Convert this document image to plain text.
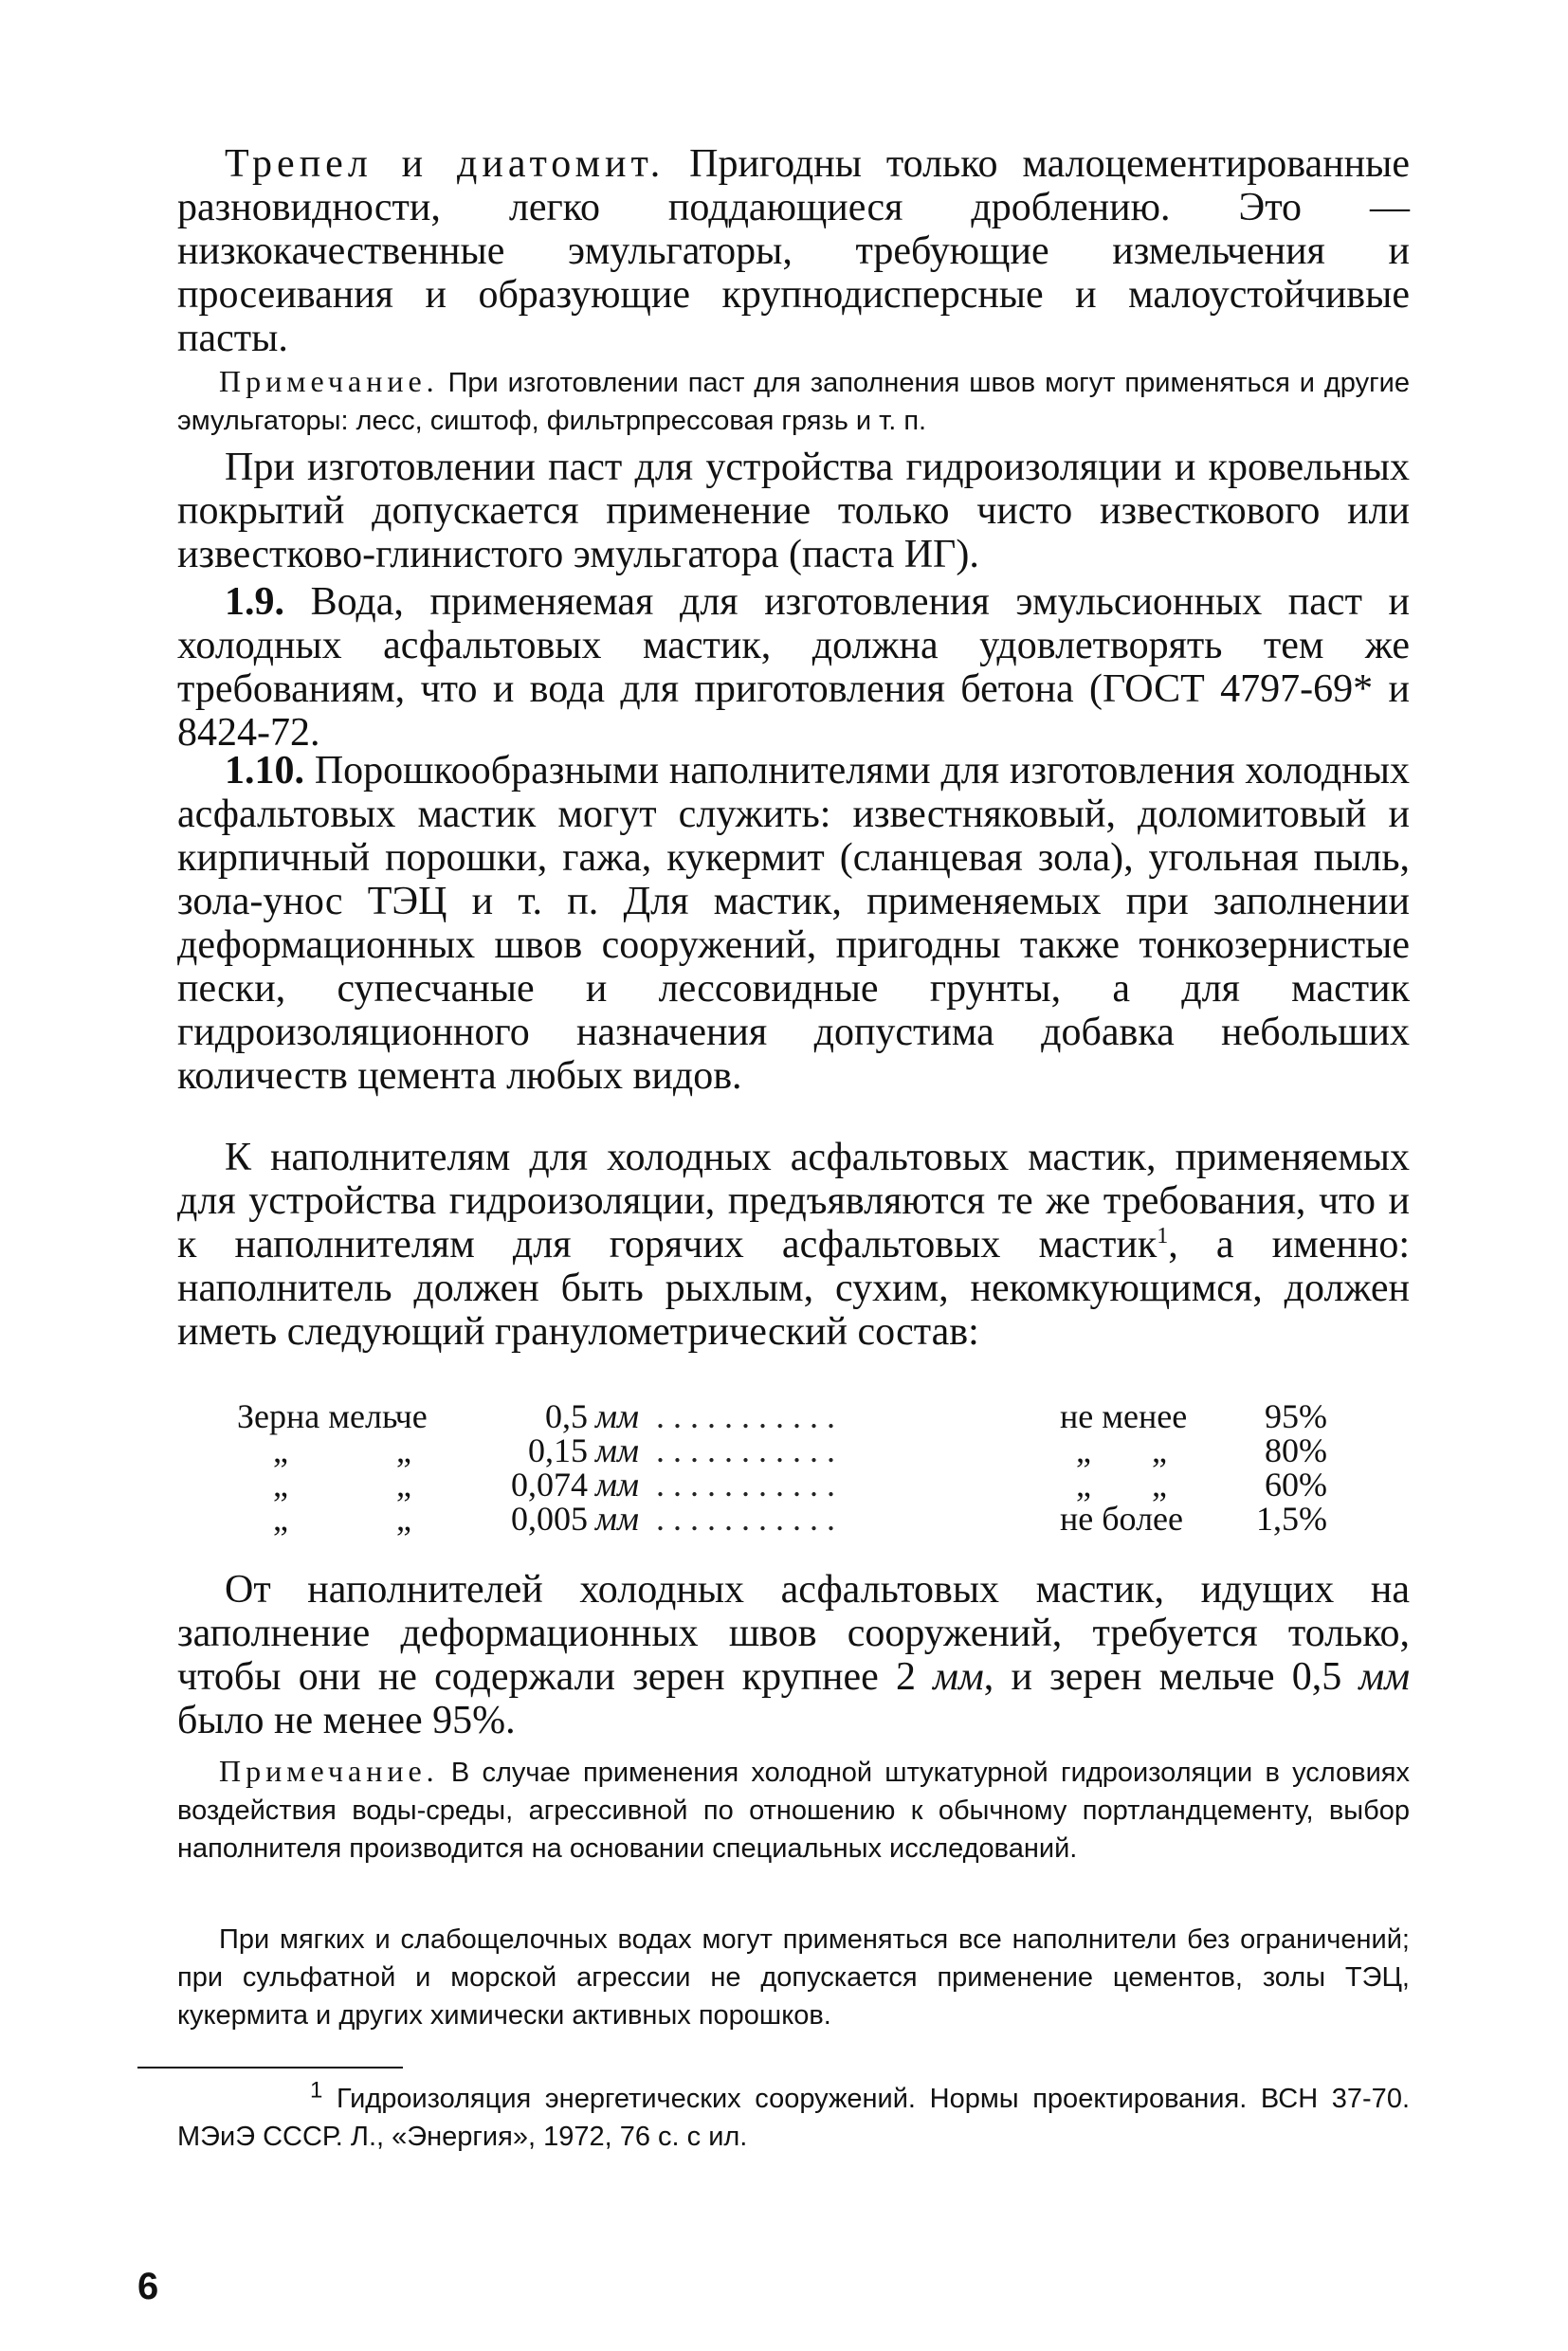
Трепел и диатомит. Пригодны только малоцементированные разновидности, легко поддающиеся дроблению. Это — низкокачественные эмульгаторы, требующие измельчения и просеивания и образующие крупнодисперсные и малоустойчивые пасты.

Примечание. При изготовлении паст для заполнения швов могут применяться и другие эмульгаторы: лесс, сиштоф, фильтрпрессовая грязь и т. п.

При изготовлении паст для устройства гидроизоляции и кровельных покрытий допускается применение только чисто известкового или известково-глинистого эмульгатора (паста ИГ).

1.9. Вода, применяемая для изготовления эмульсионных паст и холодных асфальтовых мастик, должна удовлетворять тем же требованиям, что и вода для приготовления бетона (ГОСТ 4797-69* и 8424-72.

1.10. Порошкообразными наполнителями для изготовления холодных асфальтовых мастик могут служить: известняковый, доломитовый и кирпичный порошки, гажа, кукермит (сланцевая зола), угольная пыль, зола-унос ТЭЦ и т. п. Для мастик, применяемых при заполнении деформационных швов сооружений, пригодны также тонкозернистые пески, супесчаные и лессовидные грунты, а для мастик гидроизоляционного назначения допустима добавка небольших количеств цемента любых видов.

К наполнителям для холодных асфальтовых мастик, применяемых для устройства гидроизоляции, предъявляются те же требования, что и к наполнителям для горячих асфальтовых мастик$^1$, а именно: наполнитель должен быть рыхлым, сухим, некомкующимся, должен иметь следующий гранулометрический состав:

Зерна мельче	0,5 мм ...........	не менее 95%
„	„	0,15 мм ...........	„ „	80%
„	„	0,074 мм ...........	„ „	60%
„	„	0,005 мм ...........	не более 1,5%

От наполнителей холодных асфальтовых мастик, идущих на заполнение деформационных швов сооружений, требуется только, чтобы они не содержали зерен крупнее 2 мм, и зерен мельче 0,5 мм было не менее 95%.

Примечание. В случае применения холодной штукатурной гидроизоляции в условиях воздействия воды-среды, агрессивной по отношению к обычному портландцементу, выбор наполнителя производится на основании специальных исследований.

При мягких и слабощелочных водах могут применяться все наполнители без ограничений; при сульфатной и морской агрессии не допускается применение цементов, золы ТЭЦ, кукермита и других химически активных порошков.

$^1$ Гидроизоляция энергетических сооружений. Нормы проектирования. ВСН 37-70. МЭиЭ СССР. Л., «Энергия», 1972, 76 с. с ил.

6
